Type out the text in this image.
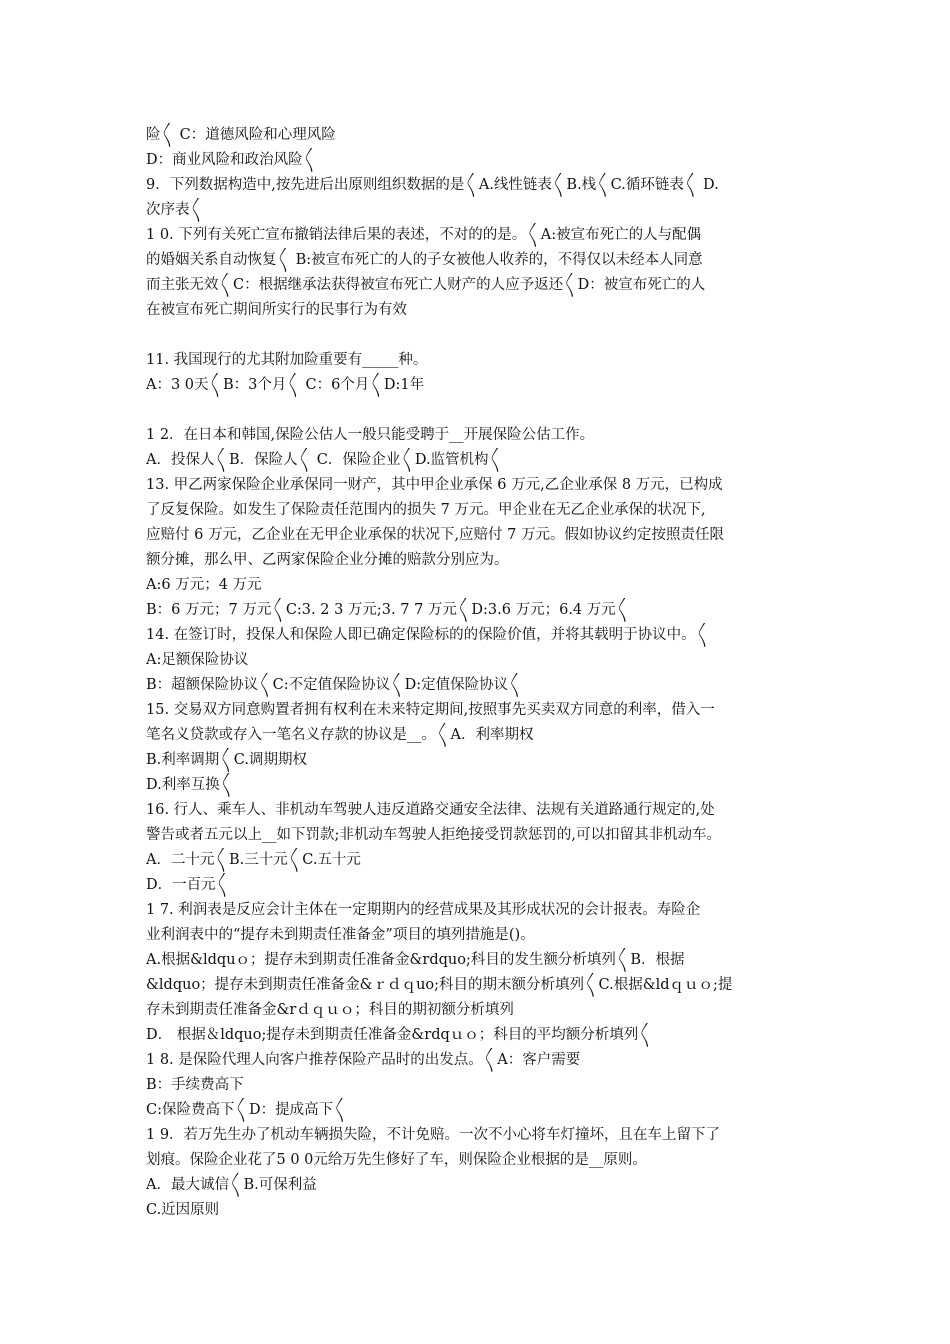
险〱 C：道德风险和心理风险
D：商业风险和政治风险〱
9．下列数据构造中,按先进后出原则组织数据的是〱A.线性链表〱B.栈〱C.循环链表〱 D.
次序表〱
1 0. 下列有关死亡宣布撤销法律后果的表述，不对的的是。〱A:被宣布死亡的人与配偶
的婚姻关系自动恢复〱 B:被宣布死亡的人的子女被他人收养的，不得仅以未经本人同意
而主张无效〱C：根据继承法获得被宣布死亡人财产的人应予返还〱D：被宣布死亡的人
在被宣布死亡期间所实行的民事行为有效
11. 我国现行的尤其附加险重要有_____种。
A：3 0天〱B：3个月〱 C：6个月〱D:1年
1 2．在日本和韩国,保险公估人一般只能受聘于__开展保险公估工作。
A．投保人〱B．保险人〱 C．保险企业〱D.监管机构〱
13. 甲乙两家保险企业承保同一财产，其中甲企业承保 6 万元,乙企业承保 8 万元，已构成
了反复保险。如发生了保险责任范围内的损失 7 万元。甲企业在无乙企业承保的状况下,
应赔付 6 万元，乙企业在无甲企业承保的状况下,应赔付 7 万元。假如协议约定按照责任限
额分摊，那么甲、乙两家保险企业分摊的赔款分别应为。
A:6 万元；4 万元
B：6 万元；7 万元〱C:3. 2 3 万元;3. 7 7 万元〱D:3.6 万元；6.4 万元〱
14. 在签订时，投保人和保险人即已确定保险标的的保险价值，并将其载明于协议中。〱
A:足额保险协议
B：超额保险协议〱C:不定值保险协议〱D:定值保险协议〱
15. 交易双方同意购置者拥有权利在未来特定期间,按照事先买卖双方同意的利率，借入一
笔名义贷款或存入一笔名义存款的协议是__。〱A．利率期权
B.利率调期〱C.调期期权
D.利率互换〱
16. 行人、乘车人、非机动车驾驶人违反道路交通安全法律、法规有关道路通行规定的,处
警告或者五元以上__如下罚款;非机动车驾驶人拒绝接受罚款惩罚的,可以扣留其非机动车。
A．二十元〱B.三十元〱C.五十元
D．一百元〱
1 7. 利润表是反应会计主体在一定期期内的经营成果及其形成状况的会计报表。寿险企
业利润表中的“提存未到期责任准备金”项目的填列措施是()。
A.根据&ldquｏ；提存未到期责任准备金&rdquo;科目的发生额分析填列〱B．根据
&ldquo；提存未到期责任准备金&ｒｄｑuo;科目的期末额分析填列〱C.根据&ldｑｕｏ;提
存未到期责任准备金&rｄｑｕｏ；科目的期初额分析填列
D． 根据＆ldquo;提存未到期责任准备金&rdqｕｏ；科目的平均额分析填列〱
1 8. 是保险代理人向客户推荐保险产品时的出发点。〱A：客户需要
B：手续费高下
C:保险费高下〱D：提成高下〱
1 9．若万先生办了机动车辆损失险，不计免赔。一次不小心将车灯撞坏，且在车上留下了
划痕。保险企业花了5 0 0元给万先生修好了车，则保险企业根据的是__原则。
A．最大诚信〱B.可保利益
C.近因原则
